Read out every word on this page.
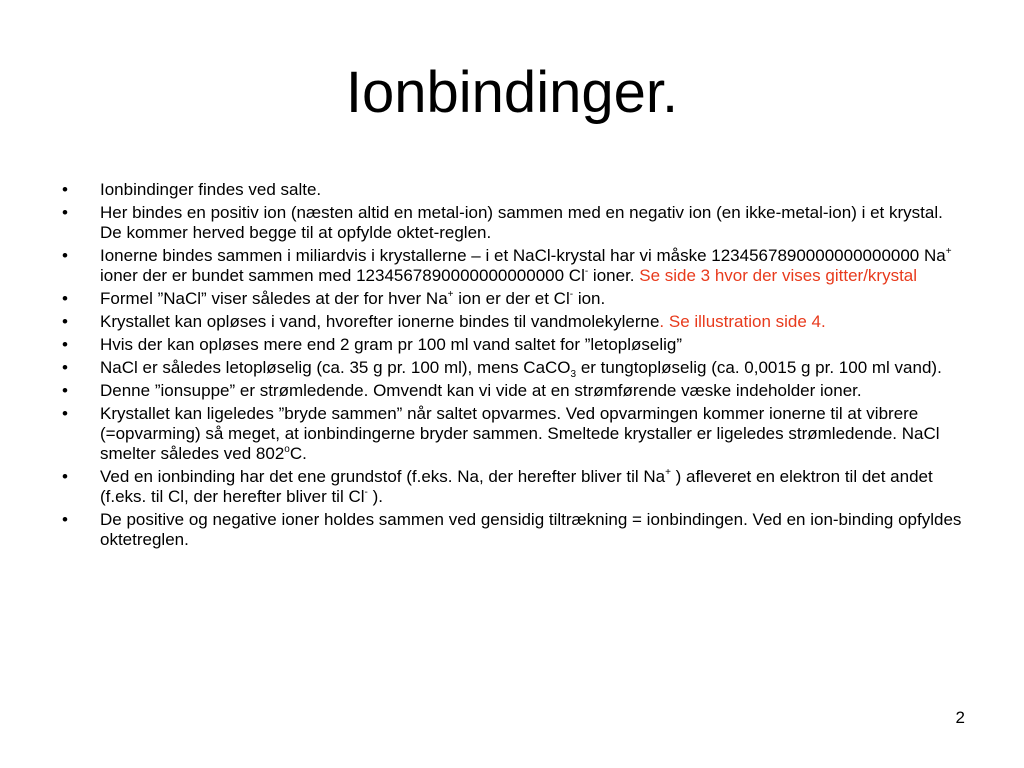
Ionbindinger.
• Ionbindinger findes ved salte.
• Her bindes en positiv ion (næsten altid en metal-ion) sammen med en negativ ion (en ikke-metal-ion) i et krystal. De kommer herved begge til at opfylde oktet-reglen.
• Ionerne bindes sammen i miliardvis i krystallerne – i et NaCl-krystal har vi måske 1234567890000000000000 Na+ ioner der er bundet sammen med 1234567890000000000000 Cl- ioner. Se side 3 hvor der vises gitter/krystal
• Formel ”NaCl” viser således at der for hver Na+ ion er der et Cl- ion.
• Krystallet kan opløses i vand, hvorefter ionerne bindes til vandmolekylerne. Se illustration side 4.
• Hvis der kan opløses mere end 2 gram pr 100 ml vand saltet for ”letopløselig”
• NaCl er således letopløselig (ca. 35 g pr. 100 ml), mens CaCO$_3$ er tungtopløselig (ca. 0,0015 g pr. 100 ml vand).
• Denne ”ionsuppe” er strømledende. Omvendt kan vi vide at en strømførende væske indeholder ioner.
• Krystallet kan ligeledes ”bryde sammen” når saltet opvarmes. Ved opvarmingen kommer ionerne til at vibrere (=opvarming) så meget, at ionbindingerne bryder sammen. Smeltede krystaller er ligeledes strømledende. NaCl smelter således ved 802$^o$C.
• Ved en ionbinding har det ene grundstof (f.eks. Na, der herefter bliver til Na+ ) afleveret en elektron til det andet (f.eks. til Cl, der herefter bliver til Cl- ).
• De positive og negative ioner holdes sammen ved gensidig tiltrækning = ionbindingen. Ved en ion-binding opfyldes oktetreglen.
2
